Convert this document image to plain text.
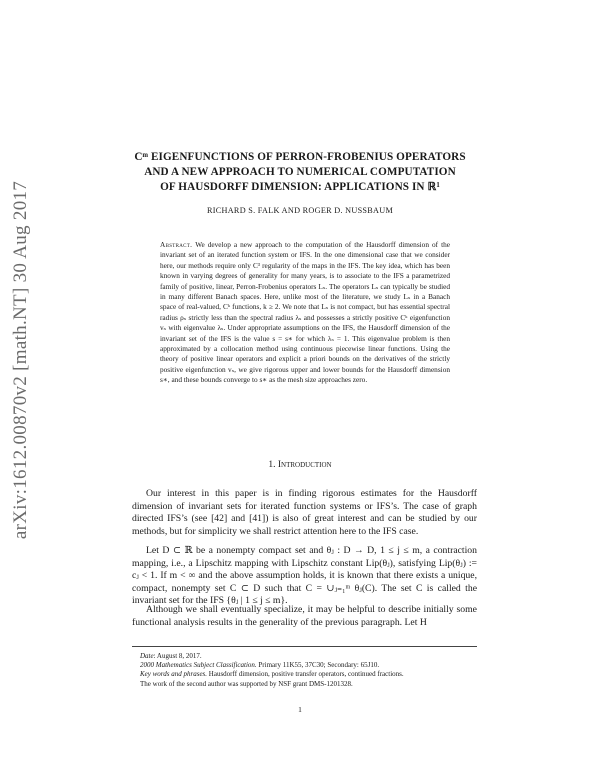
arXiv:1612.00870v2 [math.NT] 30 Aug 2017
Cᵐ EIGENFUNCTIONS OF PERRON-FROBENIUS OPERATORS
AND A NEW APPROACH TO NUMERICAL COMPUTATION
OF HAUSDORFF DIMENSION: APPLICATIONS IN ℝ¹
RICHARD S. FALK AND ROGER D. NUSSBAUM
Abstract. We develop a new approach to the computation of the Hausdorff dimension of the invariant set of an iterated function system or IFS. In the one dimensional case that we consider here, our methods require only C³ regularity of the maps in the IFS. The key idea, which has been known in varying degrees of generality for many years, is to associate to the IFS a parametrized family of positive, linear, Perron-Frobenius operators Lₛ. The operators Lₛ can typically be studied in many different Banach spaces. Here, unlike most of the literature, we study Lₛ in a Banach space of real-valued, Cᵏ functions, k ≥ 2. We note that Lₛ is not compact, but has essential spectral radius ρₛ strictly less than the spectral radius λₛ and possesses a strictly positive Cᵏ eigenfunction vₛ with eigenvalue λₛ. Under appropriate assumptions on the IFS, the Hausdorff dimension of the invariant set of the IFS is the value s = s∗ for which λₛ = 1. This eigenvalue problem is then approximated by a collocation method using continuous piecewise linear functions. Using the theory of positive linear operators and explicit a priori bounds on the derivatives of the strictly positive eigenfunction vₛ, we give rigorous upper and lower bounds for the Hausdorff dimension s∗, and these bounds converge to s∗ as the mesh size approaches zero.
1. Introduction
Our interest in this paper is in finding rigorous estimates for the Hausdorff dimension of invariant sets for iterated function systems or IFS’s. The case of graph directed IFS’s (see [42] and [41]) is also of great interest and can be studied by our methods, but for simplicity we shall restrict attention here to the IFS case.
Let D ⊂ ℝ be a nonempty compact set and θⱼ : D → D, 1 ≤ j ≤ m, a contraction mapping, i.e., a Lipschitz mapping with Lipschitz constant Lip(θⱼ), satisfying Lip(θⱼ) := cⱼ < 1. If m < ∞ and the above assumption holds, it is known that there exists a unique, compact, nonempty set C ⊂ D such that C = ∪ⱼ₌₁ᵐ θⱼ(C). The set C is called the invariant set for the IFS {θⱼ | 1 ≤ j ≤ m}.
Although we shall eventually specialize, it may be helpful to describe initially some functional analysis results in the generality of the previous paragraph. Let H

Date: August 8, 2017.

2000 Mathematics Subject Classification. Primary 11K55, 37C30; Secondary: 65J10.

Key words and phrases. Hausdorff dimension, positive transfer operators, continued fractions.

The work of the second author was supported by NSF grant DMS-1201328.

1
